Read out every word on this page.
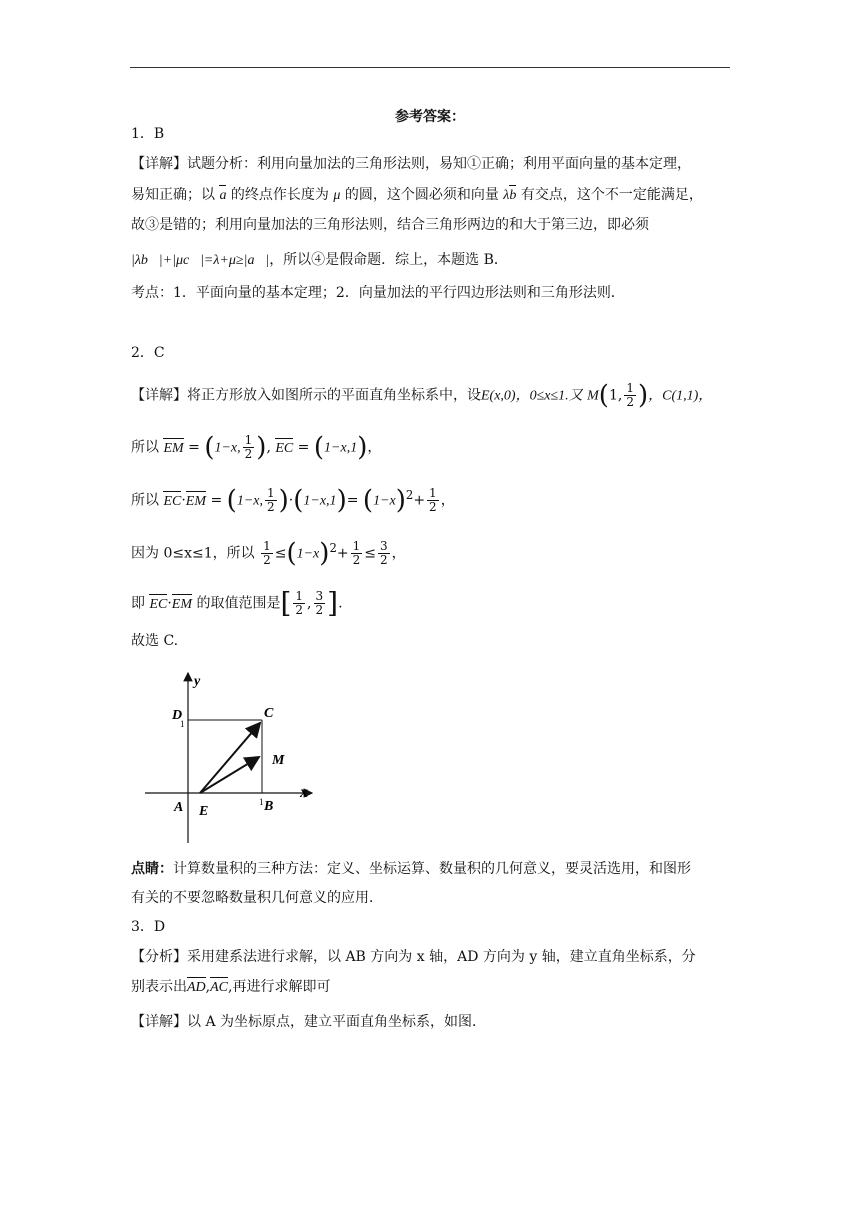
参考答案：
1．B
【详解】试题分析：利用向量加法的三角形法则，易知①正确；利用平面向量的基本定理，
易知正确；以 a 的终点作长度为 μ 的圆，这个圆必须和向量 λb 有交点，这个不一定能满足，
故③是错的；利用向量加法的三角形法则，结合三角形两边的和大于第三边，即必须
|λb⃗|+|μc⃗|=λ+μ≥|a⃗|，所以④是假命题．综上，本题选 B．
考点：1．平面向量的基本定理；2．向量加法的平行四边形法则和三角形法则．
2．C
【详解】将正方形放入如图所示的平面直角坐标系中，设E(x,0)，0≤x≤1.又 M(1, $\frac{1}{2}$ )，C(1,1)，
所以 EM = (1−x, $\frac{1}{2}$ ), EC = (1−x,1)，
所以 EC·EM = (1−x, $\frac{1}{2} )\cdot(1-x,1)= (1-x)^2+ \frac{1}{2}$ ，
因为 0≤x≤1，所以 $\frac{1}{2} \le(1-x)^2+ \frac{1}{2} \le \frac{3}{2}$ ，
即 EC·EM 的取值范围是[ $\frac{1}{2}$ , $\frac{3}{2}$ ].
故选 C.
y
x
D
1
C
M
A E
1 B
点睛：计算数量积的三种方法：定义、坐标运算、数量积的几何意义，要灵活选用，和图形
有关的不要忽略数量积几何意义的应用．
3．D
【分析】采用建系法进行求解，以 AB 方向为 x 轴，AD 方向为 y 轴，建立直角坐标系，分
别表示出AD,AC,再进行求解即可
【详解】以 A 为坐标原点，建立平面直角坐标系，如图．
